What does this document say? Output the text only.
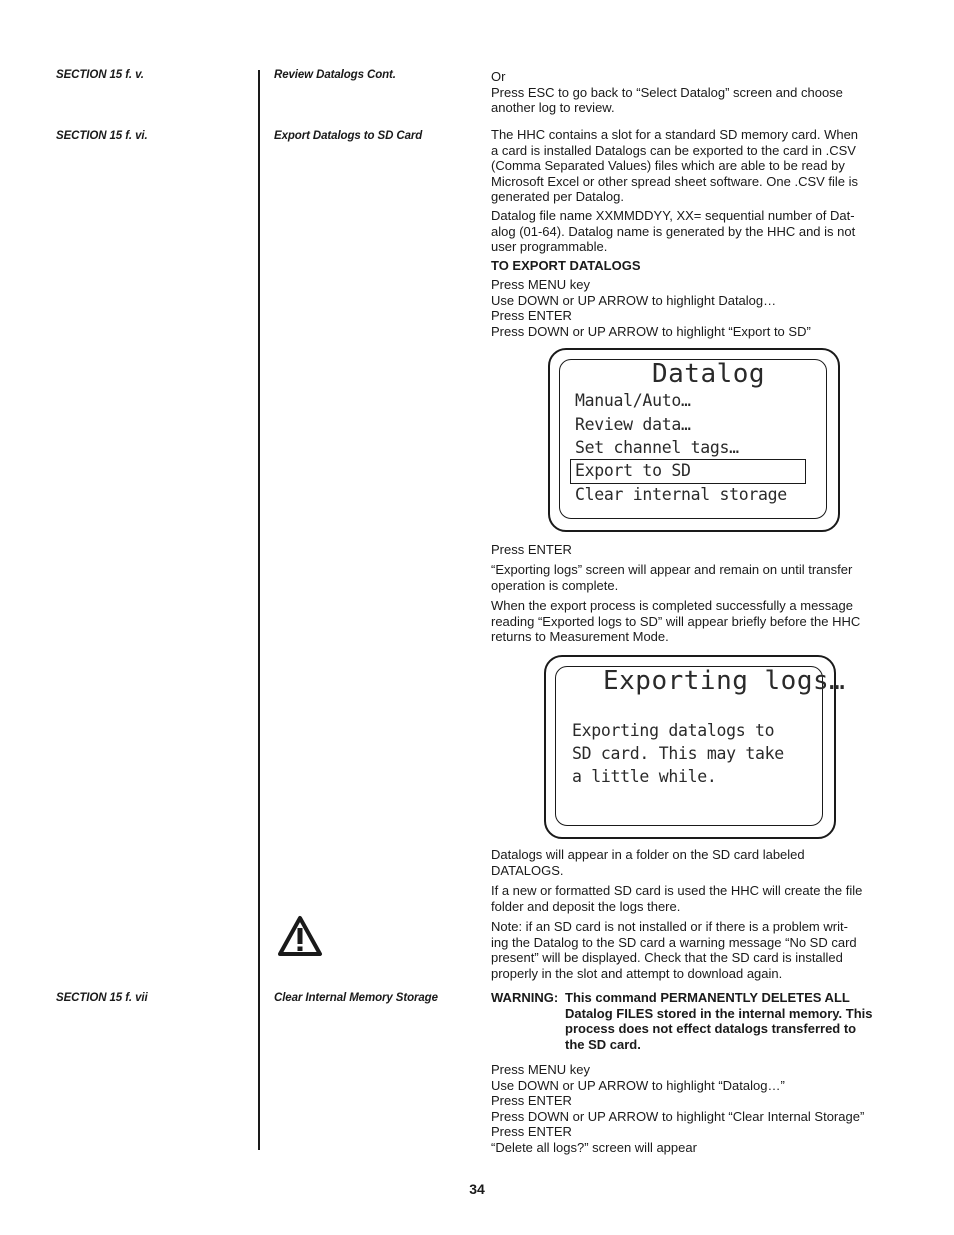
SECTION 15 f. v.
SECTION 15 f. vi.
SECTION 15 f. vii
Review Datalogs Cont.
Export Datalogs to SD Card
Clear Internal Memory Storage
Or
Press ESC to go back to “Select Datalog” screen and choose
another log to review.
The HHC contains a slot for a standard SD memory card. When
a card is installed Datalogs can be exported to the card in .CSV
(Comma Separated Values) files which are able to be read by
Microsoft Excel or other spread sheet software. One .CSV file is
generated per Datalog.
Datalog file name XXMMDDYY, XX= sequential number of Dat-
alog (01-64). Datalog name is generated by the HHC and is not
user programmable.
TO EXPORT DATALOGS
Press MENU key
Use DOWN or UP ARROW to highlight Datalog…
Press ENTER
Press DOWN or UP ARROW to highlight “Export to SD”
Datalog
Manual/Auto…
Review data…
Set channel tags…
Export to SD
Clear internal storage
Press ENTER
“Exporting logs” screen will appear and remain on until transfer
operation is complete.
When the export process is completed successfully a message
reading “Exported logs to SD” will appear briefly before the HHC
returns to Measurement Mode.
Exporting logs…
Exporting datalogs to
SD card. This may take
a little while.
Datalogs will appear in a folder on the SD card labeled
DATALOGS.
If a new or formatted SD card is used the HHC will create the file
folder and deposit the logs there.
Note: if an SD card is not installed or if there is a problem writ-
ing the Datalog to the SD card a warning message “No SD card
present” will be displayed. Check that the SD card is installed
properly in the slot and attempt to download again.
WARNING: This command PERMANENTLY DELETES ALL
Datalog FILES stored in the internal memory. This
process does not effect datalogs transferred to
the SD card.
Press MENU key
Use DOWN or UP ARROW to highlight “Datalog…”
Press ENTER
Press DOWN or UP ARROW to highlight “Clear Internal Storage”
Press ENTER
“Delete all logs?” screen will appear
34
